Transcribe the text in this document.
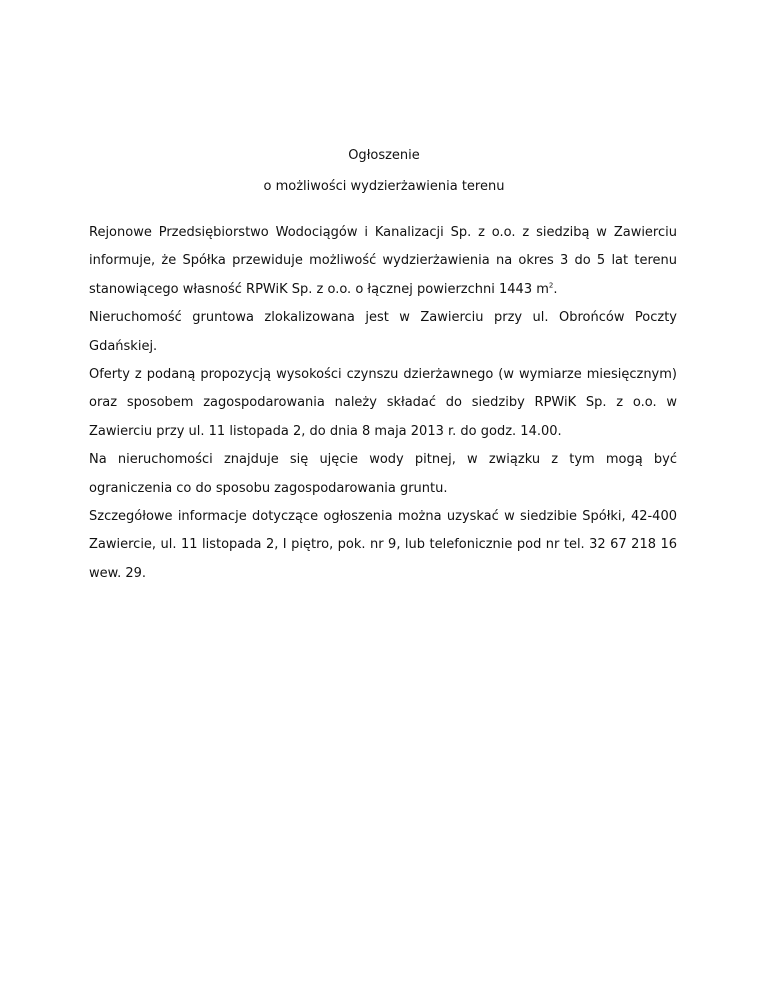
Ogłoszenie
o możliwości wydzierżawienia terenu

Rejonowe Przedsiębiorstwo Wodociągów i Kanalizacji Sp. z o.o. z siedzibą w Zawierciu informuje, że Spółka przewiduje możliwość wydzierżawienia na okres 3 do 5 lat terenu stanowiącego własność RPWiK Sp. z o.o. o łącznej powierzchni 1443 $m^2$.

Nieruchomość gruntowa zlokalizowana jest w Zawierciu przy ul. Obrońców Poczty Gdańskiej.

Oferty z podaną propozycją wysokości czynszu dzierżawnego (w wymiarze miesięcznym) oraz sposobem zagospodarowania należy składać do siedziby RPWiK Sp. z o.o. w Zawierciu przy ul. 11 listopada 2, do dnia 8 maja 2013 r. do godz. 14.00.

Na nieruchomości znajduje się ujęcie wody pitnej, w związku z tym mogą być ograniczenia co do sposobu zagospodarowania gruntu.

Szczegółowe informacje dotyczące ogłoszenia można uzyskać w siedzibie Spółki, 42-400 Zawiercie, ul. 11 listopada 2, I piętro, pok. nr 9, lub telefonicznie pod nr tel. 32 67 218 16 wew. 29.
